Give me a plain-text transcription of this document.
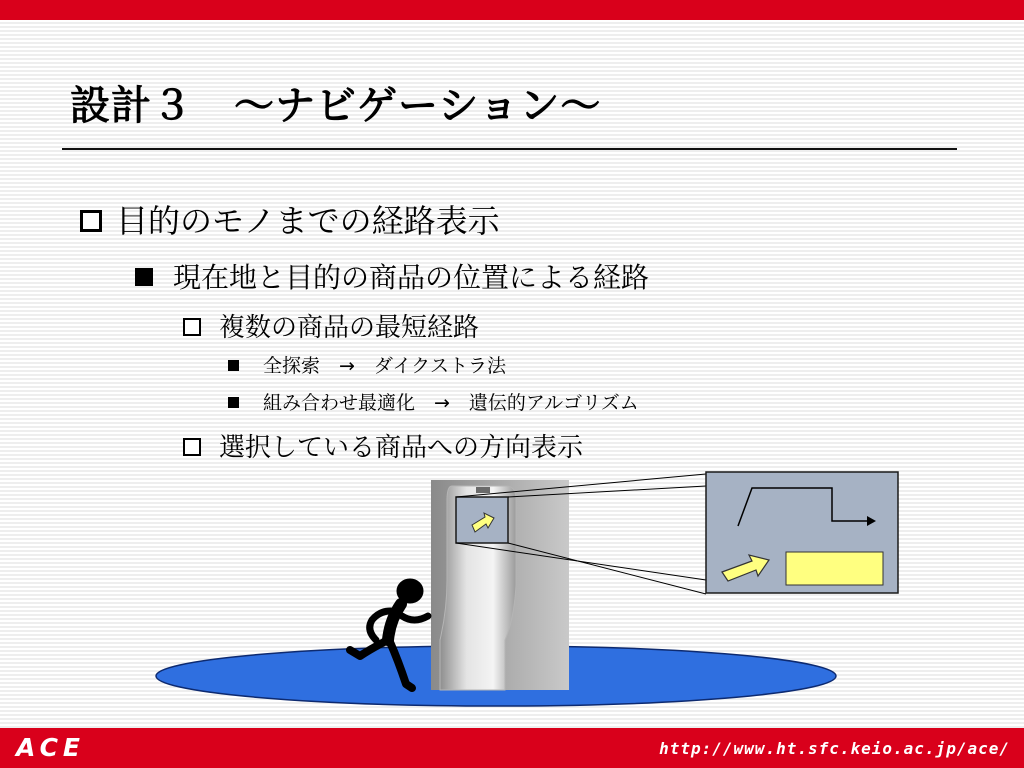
設計３　～ナビゲーション～
目的のモノまでの経路表示
現在地と目的の商品の位置による経路
複数の商品の最短経路
全探索　→　ダイクストラ法
組み合わせ最適化　→　遺伝的アルゴリズム
選択している商品への方向表示
ACE	http://www.ht.sfc.keio.ac.jp/ace/
